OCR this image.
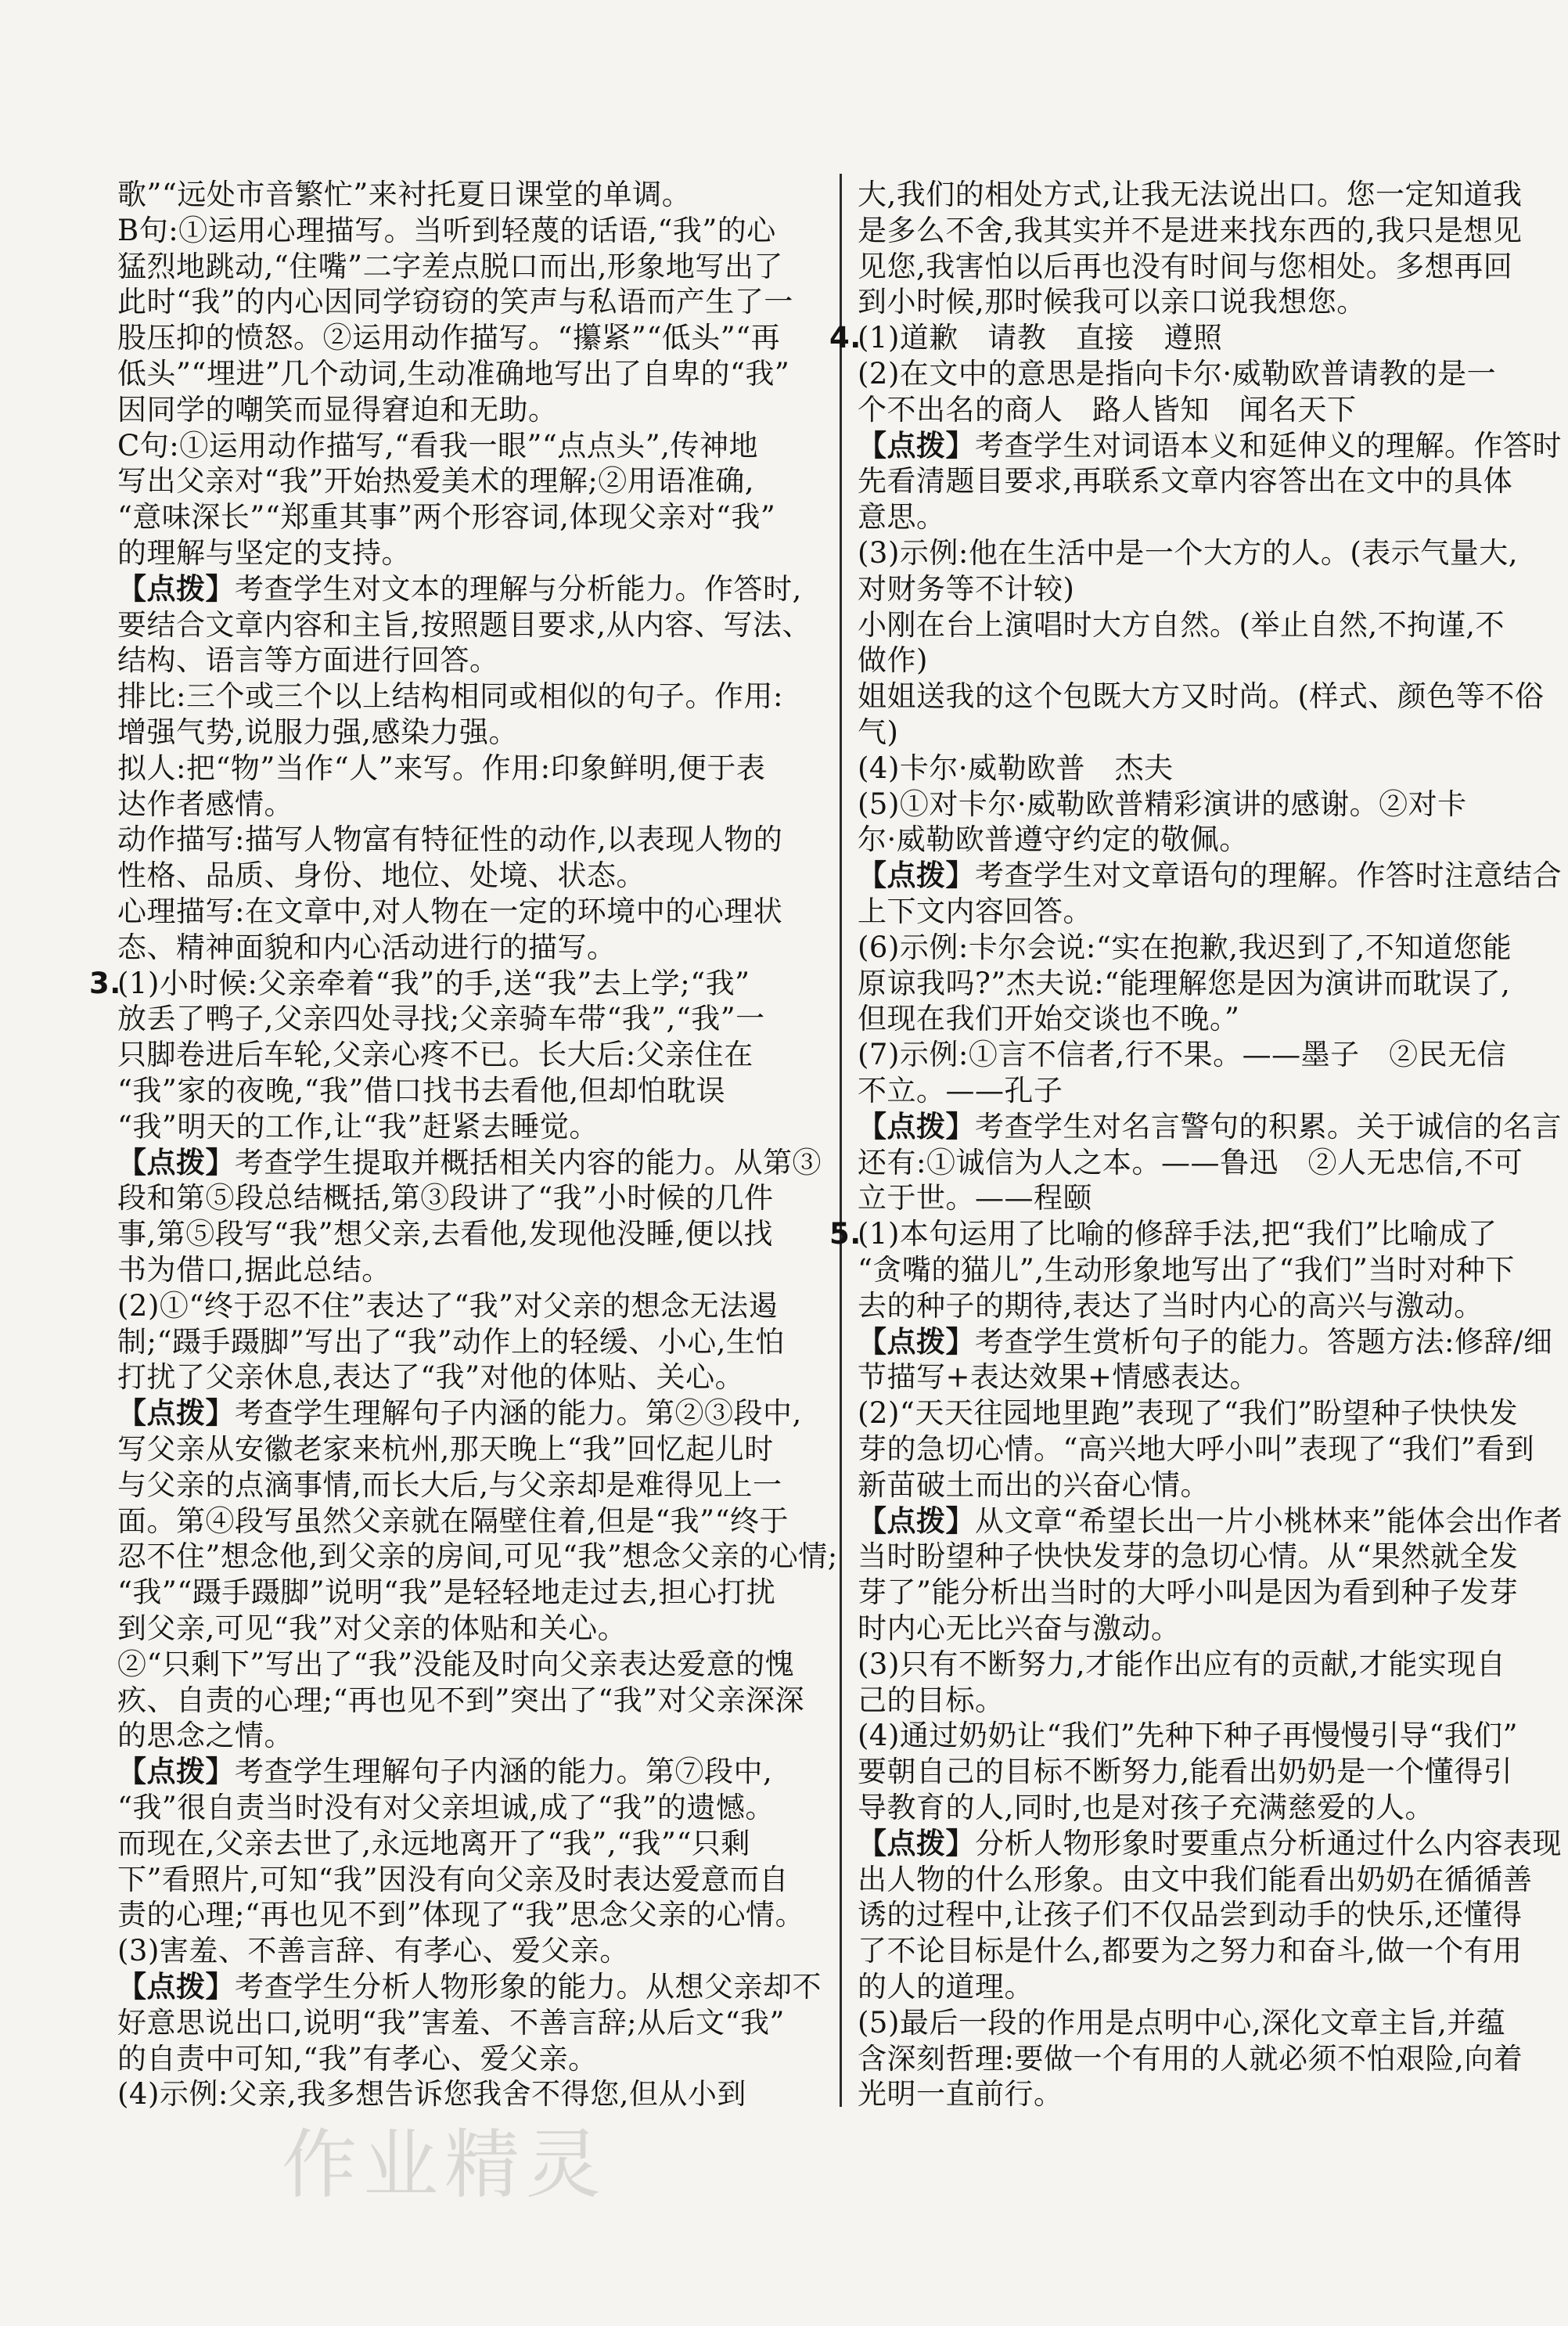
歌”“远处市音繁忙”来衬托夏日课堂的单调。
B句:①运用心理描写。当听到轻蔑的话语,“我”的心
猛烈地跳动,“住嘴”二字差点脱口而出,形象地写出了
此时“我”的内心因同学窃窃的笑声与私语而产生了一
股压抑的愤怒。②运用动作描写。“攥紧”“低头”“再
低头”“埋进”几个动词,生动准确地写出了自卑的“我”
因同学的嘲笑而显得窘迫和无助。
C句:①运用动作描写,“看我一眼”“点点头”,传神地
写出父亲对“我”开始热爱美术的理解;②用语准确,
“意味深长”“郑重其事”两个形容词,体现父亲对“我”
的理解与坚定的支持。
【点拨】考查学生对文本的理解与分析能力。作答时,
要结合文章内容和主旨,按照题目要求,从内容、写法、
结构、语言等方面进行回答。
排比:三个或三个以上结构相同或相似的句子。作用:
增强气势,说服力强,感染力强。
拟人:把“物”当作“人”来写。作用:印象鲜明,便于表
达作者感情。
动作描写:描写人物富有特征性的动作,以表现人物的
性格、品质、身份、地位、处境、状态。
心理描写:在文章中,对人物在一定的环境中的心理状
态、精神面貌和内心活动进行的描写。
3.
(1)小时候:父亲牵着“我”的手,送“我”去上学;“我”
放丢了鸭子,父亲四处寻找;父亲骑车带“我”,“我”一
只脚卷进后车轮,父亲心疼不已。长大后:父亲住在
“我”家的夜晚,“我”借口找书去看他,但却怕耽误
“我”明天的工作,让“我”赶紧去睡觉。
【点拨】考查学生提取并概括相关内容的能力。从第③
段和第⑤段总结概括,第③段讲了“我”小时候的几件
事,第⑤段写“我”想父亲,去看他,发现他没睡,便以找
书为借口,据此总结。
(2)①“终于忍不住”表达了“我”对父亲的想念无法遏
制;“蹑手蹑脚”写出了“我”动作上的轻缓、小心,生怕
打扰了父亲休息,表达了“我”对他的体贴、关心。
【点拨】考查学生理解句子内涵的能力。第②③段中,
写父亲从安徽老家来杭州,那天晚上“我”回忆起儿时
与父亲的点滴事情,而长大后,与父亲却是难得见上一
面。第④段写虽然父亲就在隔壁住着,但是“我”“终于
忍不住”想念他,到父亲的房间,可见“我”想念父亲的心情;
“我”“蹑手蹑脚”说明“我”是轻轻地走过去,担心打扰
到父亲,可见“我”对父亲的体贴和关心。
②“只剩下”写出了“我”没能及时向父亲表达爱意的愧
疚、自责的心理;“再也见不到”突出了“我”对父亲深深
的思念之情。
【点拨】考查学生理解句子内涵的能力。第⑦段中,
“我”很自责当时没有对父亲坦诚,成了“我”的遗憾。
而现在,父亲去世了,永远地离开了“我”,“我”“只剩
下”看照片,可知“我”因没有向父亲及时表达爱意而自
责的心理;“再也见不到”体现了“我”思念父亲的心情。
(3)害羞、不善言辞、有孝心、爱父亲。
【点拨】考查学生分析人物形象的能力。从想父亲却不
好意思说出口,说明“我”害羞、不善言辞;从后文“我”
的自责中可知,“我”有孝心、爱父亲。
(4)示例:父亲,我多想告诉您我舍不得您,但从小到
大,我们的相处方式,让我无法说出口。您一定知道我
是多么不舍,我其实并不是进来找东西的,我只是想见
见您,我害怕以后再也没有时间与您相处。多想再回
到小时候,那时候我可以亲口说我想您。
4.
(1)道歉　请教　直接　遵照
(2)在文中的意思是指向卡尔·威勒欧普请教的是一
个不出名的商人　路人皆知　闻名天下
【点拨】考查学生对词语本义和延伸义的理解。作答时
先看清题目要求,再联系文章内容答出在文中的具体
意思。
(3)示例:他在生活中是一个大方的人。(表示气量大,
对财务等不计较)
小刚在台上演唱时大方自然。(举止自然,不拘谨,不
做作)
姐姐送我的这个包既大方又时尚。(样式、颜色等不俗
气)
(4)卡尔·威勒欧普　杰夫
(5)①对卡尔·威勒欧普精彩演讲的感谢。②对卡
尔·威勒欧普遵守约定的敬佩。
【点拨】考查学生对文章语句的理解。作答时注意结合
上下文内容回答。
(6)示例:卡尔会说:“实在抱歉,我迟到了,不知道您能
原谅我吗?”杰夫说:“能理解您是因为演讲而耽误了,
但现在我们开始交谈也不晚。”
(7)示例:①言不信者,行不果。——墨子　②民无信
不立。——孔子
【点拨】考查学生对名言警句的积累。关于诚信的名言
还有:①诚信为人之本。——鲁迅　②人无忠信,不可
立于世。——程颐
5.
(1)本句运用了比喻的修辞手法,把“我们”比喻成了
“贪嘴的猫儿”,生动形象地写出了“我们”当时对种下
去的种子的期待,表达了当时内心的高兴与激动。
【点拨】考查学生赏析句子的能力。答题方法:修辞/细
节描写+表达效果+情感表达。
(2)“天天往园地里跑”表现了“我们”盼望种子快快发
芽的急切心情。“高兴地大呼小叫”表现了“我们”看到
新苗破土而出的兴奋心情。
【点拨】从文章“希望长出一片小桃林来”能体会出作者
当时盼望种子快快发芽的急切心情。从“果然就全发
芽了”能分析出当时的大呼小叫是因为看到种子发芽
时内心无比兴奋与激动。
(3)只有不断努力,才能作出应有的贡献,才能实现自
己的目标。
(4)通过奶奶让“我们”先种下种子再慢慢引导“我们”
要朝自己的目标不断努力,能看出奶奶是一个懂得引
导教育的人,同时,也是对孩子充满慈爱的人。
【点拨】分析人物形象时要重点分析通过什么内容表现
出人物的什么形象。由文中我们能看出奶奶在循循善
诱的过程中,让孩子们不仅品尝到动手的快乐,还懂得
了不论目标是什么,都要为之努力和奋斗,做一个有用
的人的道理。
(5)最后一段的作用是点明中心,深化文章主旨,并蕴
含深刻哲理:要做一个有用的人就必须不怕艰险,向着
光明一直前行。
作业精灵
